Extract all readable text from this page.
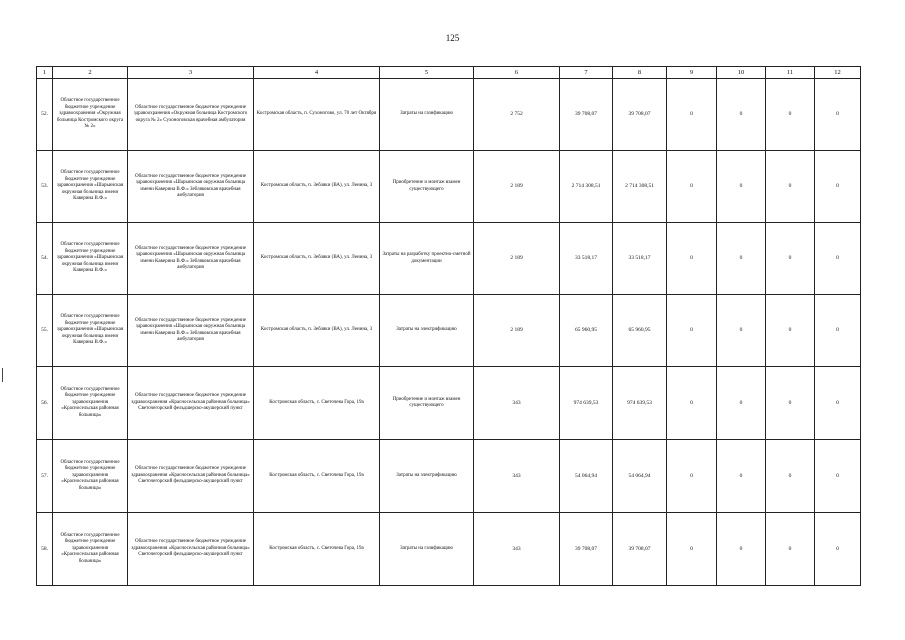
125
1	2	3	4	5	6	7	8	9	10	11	12
52.	Областное государственное бюджетное учреждение здравоохранения «Окружная больница Костромского округа № 2»	Областное государственное бюджетное учреждение здравоохранения «Окружная больница Костромского округа № 2» Сухоноговская врачебная амбулатория	Костромская область, п. Сухоногово, ул. 70 лет Октября	Затраты на газификацию	2 752	39 708,07	39 708,07	0	0	0	0
53.	Областное государственное бюджетное учреждение здравоохранения «Шарьинская окружная больница имени Каверина В.Ф.»	Областное государственное бюджетное учреждение здравоохранения «Шарьинская окружная больница имени Каверина В.Ф.» Зебляковская врачебная амбулатория	Костромская область, п. Зебляки (ВА), ул. Ленина, 3	Приобретение и монтаж взамен существующего	2 189	2 714 308,51	2 714 308,51	0	0	0	0
54.	Областное государственное бюджетное учреждение здравоохранения «Шарьинская окружная больница имени Каверина В.Ф.»	Областное государственное бюджетное учреждение здравоохранения «Шарьинская окружная больница имени Каверина В.Ф.» Зебляковская врачебная амбулатория	Костромская область, п. Зебляки (ВА), ул. Ленина, 3	Затраты на разработку проектно-сметной документации	2 189	33 518,17	33 518,17	0	0	0	0
55.	Областное государственное бюджетное учреждение здравоохранения «Шарьинская окружная больница имени Каверина В.Ф.»	Областное государственное бюджетное учреждение здравоохранения «Шарьинская окружная больница имени Каверина В.Ф.» Зебляковская врачебная амбулатория	Костромская область, п. Зебляки (ВА), ул. Ленина, 3	Затраты на электрификацию	2 189	65 960,95	65 960,95	0	0	0	0
56.	Областное государственное бюджетное учреждение здравоохранения «Красносельская районная больница»	Областное государственное бюджетное учреждение здравоохранения «Красносельская районная больница» Светочегорский фельдшерско-акушерский пункт	Костромская область, с. Светочева Гора, 19а	Приобретение и монтаж взамен существующего	343	974 639,53	974 639,53	0	0	0	0
57.	Областное государственное бюджетное учреждение здравоохранения «Красносельская районная больница»	Областное государственное бюджетное учреждение здравоохранения «Красносельская районная больница» Светочегорский фельдшерско-акушерский пункт	Костромская область, с. Светочева Гора, 19а	Затраты на электрификацию	343	54 064,94	54 064,94	0	0	0	0
58.	Областное государственное бюджетное учреждение здравоохранения «Красносельская районная больница»	Областное государственное бюджетное учреждение здравоохранения «Красносельская районная больница» Светочегорский фельдшерско-акушерский пункт	Костромская область, с. Светочева Гора, 19а	Затраты на газификацию	343	39 708,07	39 708,07	0	0	0	0
